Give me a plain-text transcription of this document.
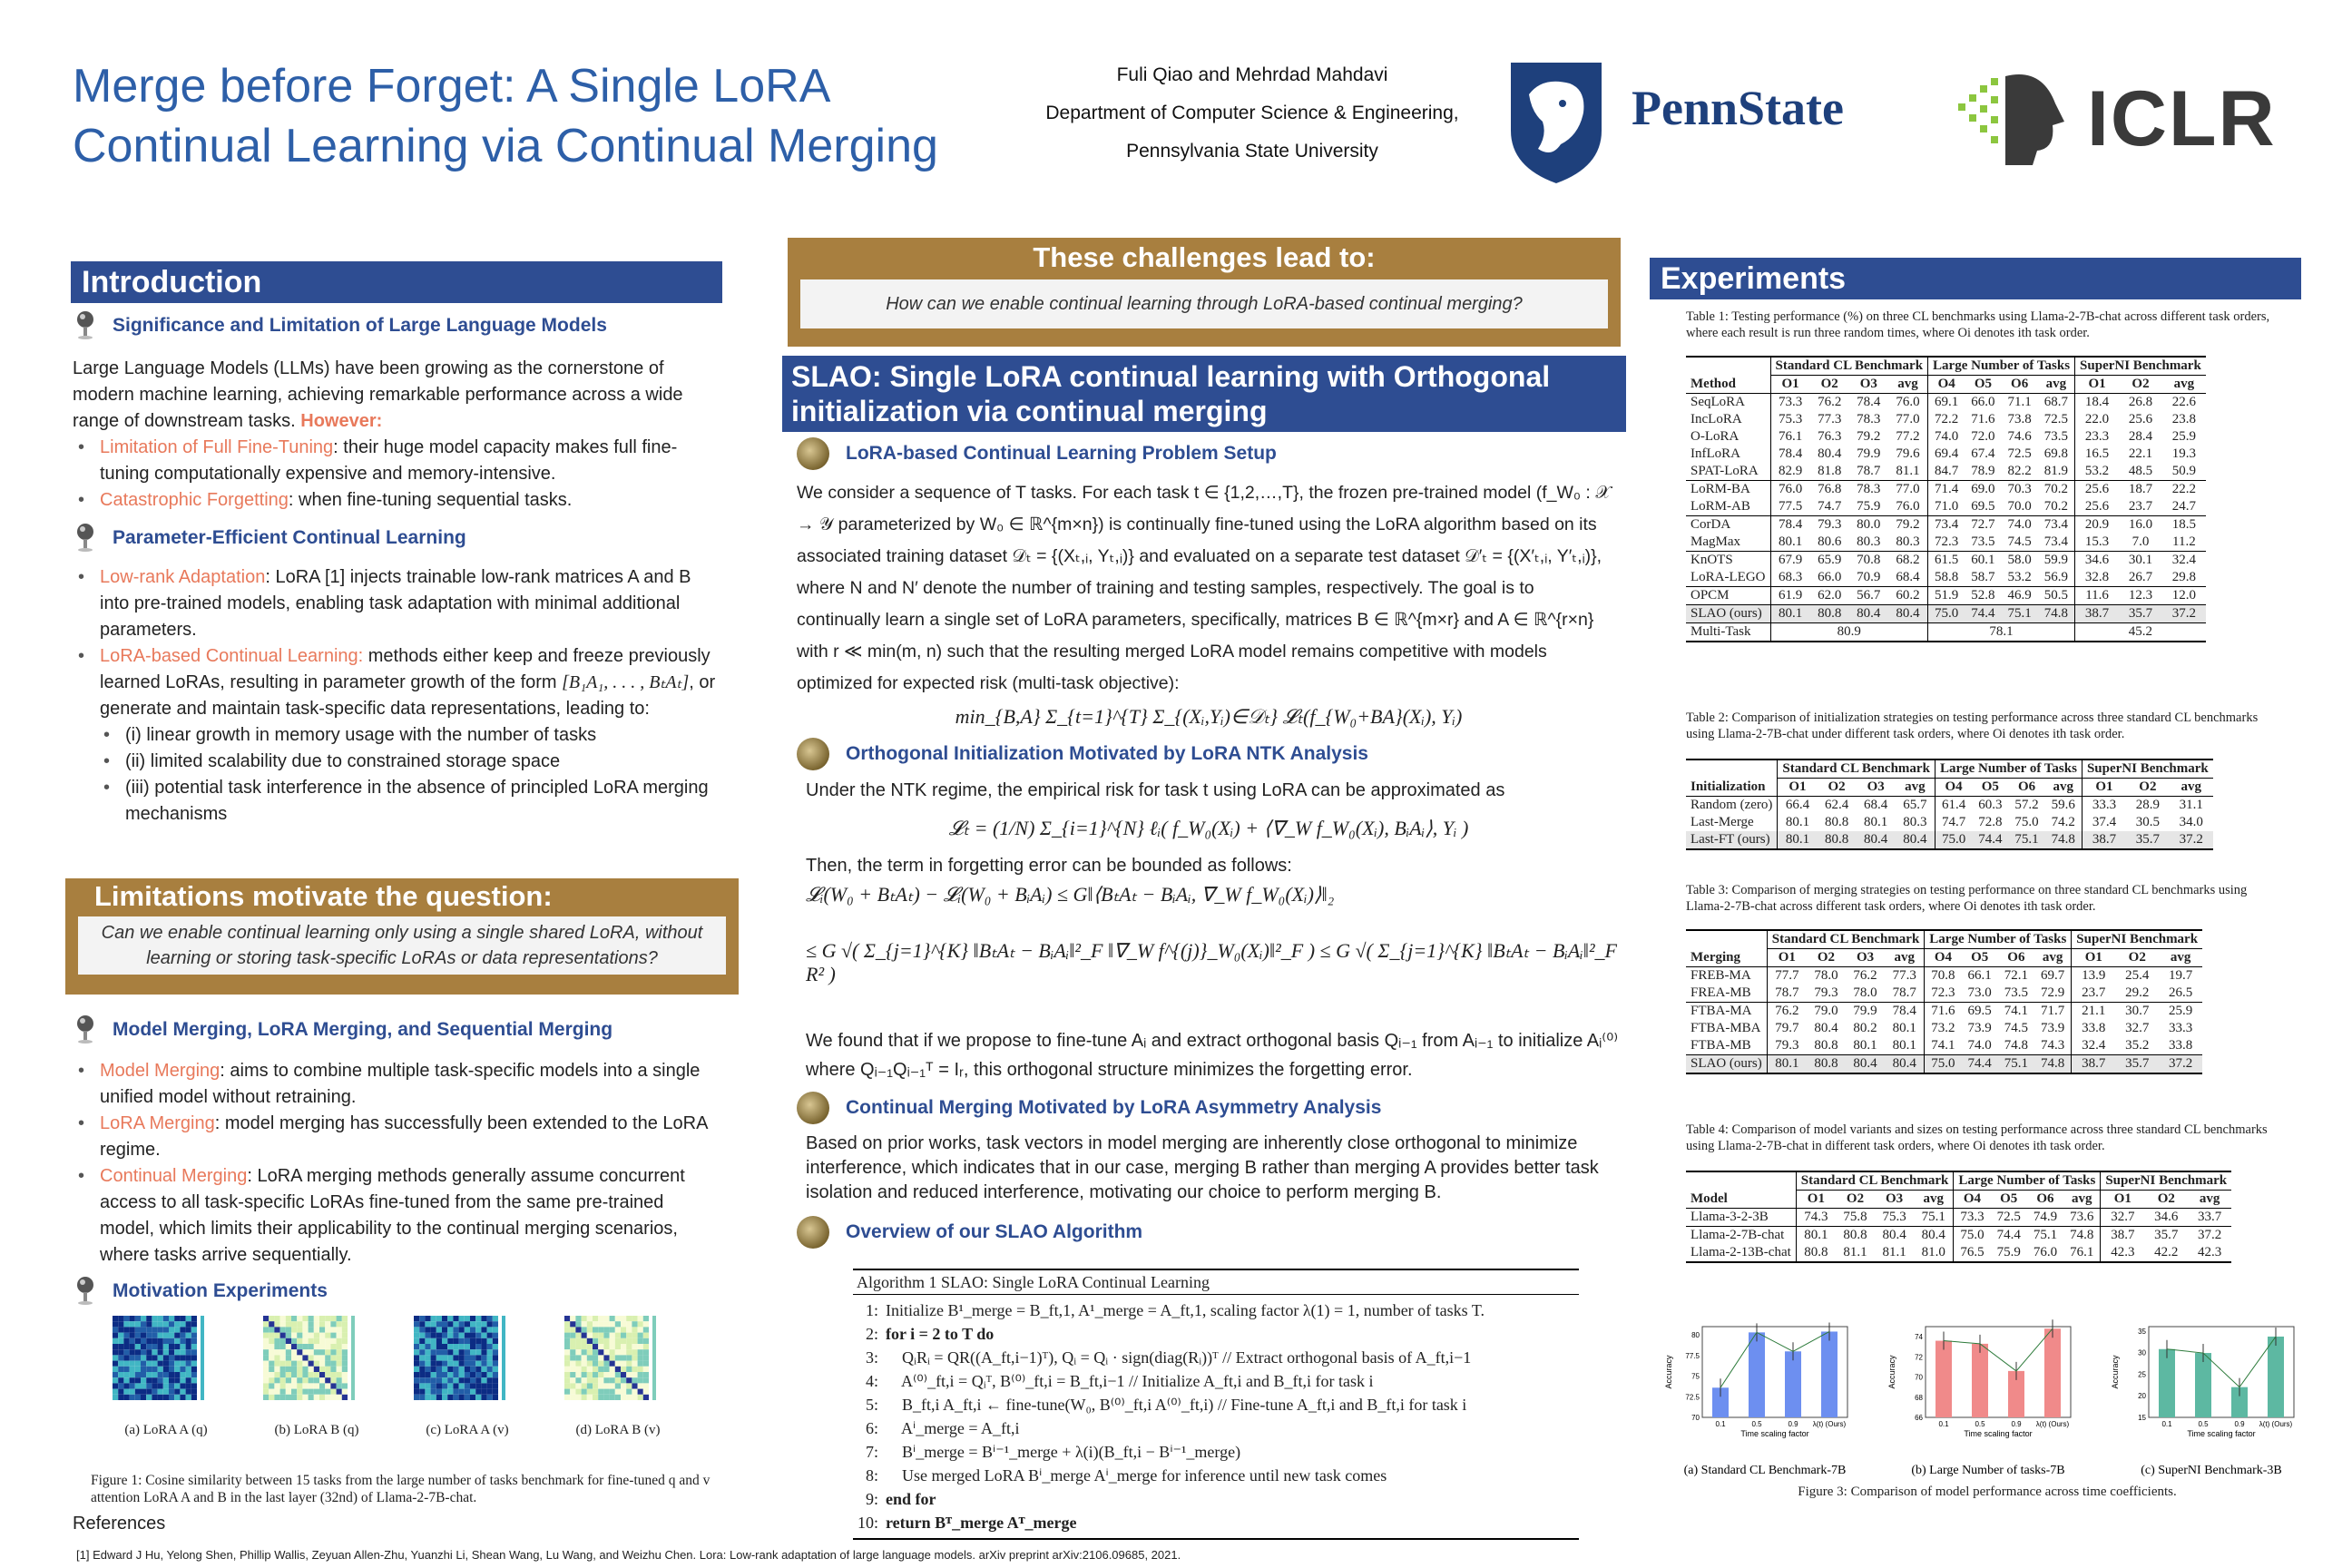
Merge before Forget: A Single LoRA
Continual Learning via Continual Merging
Fuli Qiao and Mehrdad Mahdavi
Department of Computer Science & Engineering,
Pennsylvania State University
PennState	ICLR
Introduction
Significance and Limitation of Large Language Models
Large Language Models (LLMs) have been growing as the cornerstone of modern machine learning, achieving remarkable performance across a wide range of downstream tasks. However:
• Limitation of Full Fine-Tuning: their huge model capacity makes full fine-tuning computationally expensive and memory-intensive.
• Catastrophic Forgetting: when fine-tuning sequential tasks.
Parameter-Efficient Continual Learning
• Low-rank Adaptation: LoRA [1] injects trainable low-rank matrices A and B into pre-trained models, enabling task adaptation with minimal additional parameters.
• LoRA-based Continual Learning: methods either keep and freeze previously learned LoRAs, resulting in parameter growth of the form [B₁A₁, . . . , BₜAₜ], or generate and maintain task-specific data representations, leading to:
• (i) linear growth in memory usage with the number of tasks
• (ii) limited scalability due to constrained storage space
• (iii) potential task interference in the absence of principled LoRA merging mechanisms
Limitations motivate the question:
Can we enable continual learning only using a single shared LoRA, without learning or storing task-specific LoRAs or data representations?
Model Merging, LoRA Merging, and Sequential Merging
• Model Merging: aims to combine multiple task-specific models into a single unified model without retraining.
• LoRA Merging: model merging has successfully been extended to the LoRA regime.
• Continual Merging: LoRA merging methods generally assume concurrent access to all task-specific LoRAs fine-tuned from the same pre-trained model, which limits their applicability to the continual merging scenarios, where tasks arrive sequentially.
Motivation Experiments
(a) LoRA A (q)	(b) LoRA B (q)	(c) LoRA A (v)	(d) LoRA B (v)
Figure 1: Cosine similarity between 15 tasks from the large number of tasks benchmark for fine-tuned q and v attention LoRA A and B in the last layer (32nd) of Llama-2-7B-chat.
References
[1] Edward J Hu, Yelong Shen, Phillip Wallis, Zeyuan Allen-Zhu, Yuanzhi Li, Shean Wang, Lu Wang, and Weizhu Chen. Lora: Low-rank adaptation of large language models. arXiv preprint arXiv:2106.09685, 2021.
These challenges lead to:
How can we enable continual learning through LoRA-based continual merging?
SLAO: Single LoRA continual learning with Orthogonal initialization via continual merging
LoRA-based Continual Learning Problem Setup
We consider a sequence of T tasks. For each task t ∈ {1,2,…,T}, the frozen pre-trained model (f_W₀ : 𝒳 → 𝒴 parameterized by W₀ ∈ ℝ^{m×n}) is continually fine-tuned using the LoRA algorithm based on its associated training dataset 𝒟ₜ = {(Xₜ,ᵢ, Yₜ,ᵢ)} and evaluated on a separate test dataset 𝒟′ₜ = {(X′ₜ,ᵢ, Y′ₜ,ᵢ)}, where N and N′ denote the number of training and testing samples, respectively. The goal is to continually learn a single set of LoRA parameters, specifically, matrices B ∈ ℝ^{m×r} and A ∈ ℝ^{r×n} with r ≪ min(m, n) such that the resulting merged LoRA model remains competitive with models optimized for expected risk (multi-task objective):
min_{B,A} Σ_{t=1}^{T} Σ_{(Xᵢ,Yᵢ)∈𝒟ₜ} 𝓛ₜ(f_{W₀+BA}(Xᵢ), Yᵢ)
Orthogonal Initialization Motivated by LoRA NTK Analysis
Under the NTK regime, the empirical risk for task t using LoRA can be approximated as
𝓛ₜ = (1/N) Σ_{i=1}^{N} ℓᵢ( f_W₀(Xᵢ) + ⟨∇_W f_W₀(Xᵢ), BᵢAᵢ⟩, Yᵢ )
Then, the term in forgetting error can be bounded as follows:
𝓛ᵢ(W₀ + BₜAₜ) − 𝓛ᵢ(W₀ + BᵢAᵢ) ≤ G‖⟨BₜAₜ − BᵢAᵢ, ∇_W f_W₀(Xᵢ)⟩‖₂
≤ G √( Σ_{j=1}^{K} ‖BₜAₜ − BᵢAᵢ‖²_F ‖∇_W f^{(j)}_W₀(Xᵢ)‖²_F ) ≤ G √( Σ_{j=1}^{K} ‖BₜAₜ − BᵢAᵢ‖²_F R² )
We found that if we propose to fine-tune Aᵢ and extract orthogonal basis Qᵢ₋₁ from Aᵢ₋₁ to initialize Aᵢ⁽⁰⁾ where Qᵢ₋₁Qᵢ₋₁ᵀ = Iᵣ, this orthogonal structure minimizes the forgetting error.
Continual Merging Motivated by LoRA Asymmetry Analysis
Based on prior works, task vectors in model merging are inherently close orthogonal to minimize interference, which indicates that in our case, merging B rather than merging A provides better task isolation and reduced interference, motivating our choice to perform merging B.
Overview of our SLAO Algorithm
Algorithm 1 SLAO: Single LoRA Continual Learning
1: Initialize B¹_merge = B_ft,1, A¹_merge = A_ft,1, scaling factor λ(1) = 1, number of tasks T.
2: for i = 2 to T do
3: QᵢRᵢ = QR((A_ft,i−1)ᵀ), Qᵢ = Qᵢ · sign(diag(Rᵢ))ᵀ // Extract orthogonal basis of A_ft,i−1
4: A⁽⁰⁾_ft,i = Qᵢᵀ, B⁽⁰⁾_ft,i = B_ft,i−1 // Initialize A_ft,i and B_ft,i for task i
5: B_ft,i A_ft,i ← fine-tune(W₀, B⁽⁰⁾_ft,i A⁽⁰⁾_ft,i) // Fine-tune A_ft,i and B_ft,i for task i
6: Aⁱ_merge = A_ft,i
7: Bⁱ_merge = Bⁱ⁻¹_merge + λ(i)(B_ft,i − Bⁱ⁻¹_merge)
8: Use merged LoRA Bⁱ_merge Aⁱ_merge for inference until new task comes
9: end for
10: return Bᵀ_merge Aᵀ_merge
Experiments
Table 1: Testing performance (%) on three CL benchmarks using Llama-2-7B-chat across different task orders, where each result is run three random times, where Oi denotes ith task order.
	Standard CL Benchmark				Large Number of Tasks				SuperNI Benchmark		
Method	O1	O2	O3	avg	O4	O5	O6	avg	O1	O2	avg
SeqLoRA	73.3	76.2	78.4	76.0	69.1	66.0	71.1	68.7	18.4	26.8	22.6
IncLoRA	75.3	77.3	78.3	77.0	72.2	71.6	73.8	72.5	22.0	25.6	23.8
O-LoRA	76.1	76.3	79.2	77.2	74.0	72.0	74.6	73.5	23.3	28.4	25.9
InfLoRA	78.4	80.4	79.9	79.6	69.4	67.4	72.5	69.8	16.5	22.1	19.3
SPAT-LoRA	82.9	81.8	78.7	81.1	84.7	78.9	82.2	81.9	53.2	48.5	50.9
LoRM-BA	76.0	76.8	78.3	77.0	71.4	69.0	70.3	70.2	25.6	18.7	22.2
LoRM-AB	77.5	74.7	75.9	76.0	71.0	69.5	70.0	70.2	25.6	23.7	24.7
CorDA	78.4	79.3	80.0	79.2	73.4	72.7	74.0	73.4	20.9	16.0	18.5
MagMax	80.1	80.6	80.3	80.3	72.3	73.5	74.5	73.4	15.3	7.0	11.2
KnOTS	67.9	65.9	70.8	68.2	61.5	60.1	58.0	59.9	34.6	30.1	32.4
LoRA-LEGO	68.3	66.0	70.9	68.4	58.8	58.7	53.2	56.9	32.8	26.7	29.8
OPCM	61.9	62.0	56.7	60.2	51.9	52.8	46.9	50.5	11.6	12.3	12.0
SLAO (ours)	80.1	80.8	80.4	80.4	75.0	74.4	75.1	74.8	38.7	35.7	37.2
Multi-Task	80.9				78.1				45.2		
Table 2: Comparison of initialization strategies on testing performance across three standard CL benchmarks using Llama-2-7B-chat under different task orders, where Oi denotes ith task order.
	Standard CL Benchmark				Large Number of Tasks				SuperNI Benchmark		
Initialization	O1	O2	O3	avg	O4	O5	O6	avg	O1	O2	avg
Random (zero)	66.4	62.4	68.4	65.7	61.4	60.3	57.2	59.6	33.3	28.9	31.1
Last-Merge	80.1	80.8	80.1	80.3	74.7	72.8	75.0	74.2	37.4	30.5	34.0
Last-FT (ours)	80.1	80.8	80.4	80.4	75.0	74.4	75.1	74.8	38.7	35.7	37.2
Table 3: Comparison of merging strategies on testing performance on three standard CL benchmarks using Llama-2-7B-chat across different task orders, where Oi denotes ith task order.
	Standard CL Benchmark				Large Number of Tasks				SuperNI Benchmark		
Merging	O1	O2	O3	avg	O4	O5	O6	avg	O1	O2	avg
FREB-MA	77.7	78.0	76.2	77.3	70.8	66.1	72.1	69.7	13.9	25.4	19.7
FREA-MB	78.7	79.3	78.0	78.7	72.3	73.0	73.5	72.9	23.7	29.2	26.5
FTBA-MA	76.2	79.0	79.9	78.4	71.6	69.5	74.1	71.7	21.1	30.7	25.9
FTBA-MBA	79.7	80.4	80.2	80.1	73.2	73.9	74.5	73.9	33.8	32.7	33.3
FTBA-MB	79.3	80.8	80.1	80.1	74.1	74.0	74.8	74.3	32.4	35.2	33.8
SLAO (ours)	80.1	80.8	80.4	80.4	75.0	74.4	75.1	74.8	38.7	35.7	37.2
Table 4: Comparison of model variants and sizes on testing performance across three standard CL benchmarks using Llama-2-7B-chat in different task orders, where Oi denotes ith task order.
	Standard CL Benchmark				Large Number of Tasks				SuperNI Benchmark		
Model	O1	O2	O3	avg	O4	O5	O6	avg	O1	O2	avg
Llama-3-2-3B	74.3	75.8	75.3	75.1	73.3	72.5	74.9	73.6	32.7	34.6	33.7
Llama-2-7B-chat	80.1	80.8	80.4	80.4	75.0	74.4	75.1	74.8	38.7	35.7	37.2
Llama-2-13B-chat	80.8	81.1	81.1	81.0	76.5	75.9	76.0	76.1	42.3	42.2	42.3
70
72.5
75
77.5
80
0.1	0.5	0.9 λ(t) (Ours)
Time scaling factor
Accuracy
(a) Standard CL Benchmark-7B
66
68
70
72
74
0.1	0.5	0.9 λ(t) (Ours)
Time scaling factor
Accuracy
(b) Large Number of tasks-7B
15
20
25
30
35
0.1	0.5	0.9 λ(t) (Ours)
Time scaling factor
Accuracy
(c) SuperNI Benchmark-3B
Figure 3: Comparison of model performance across time coefficients.
